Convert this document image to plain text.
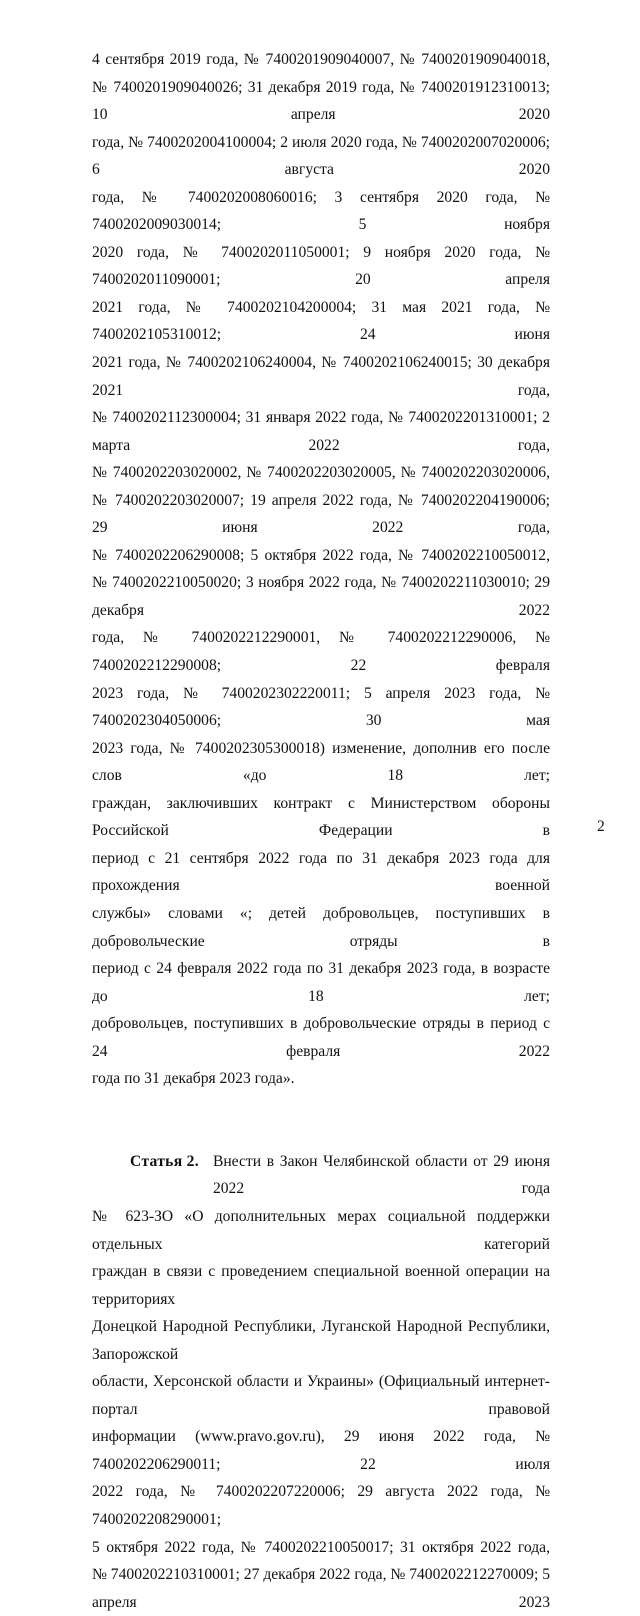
4 сентября 2019 года, № 7400201909040007, № 7400201909040018,
№ 7400201909040026; 31 декабря 2019 года, № 7400201912310013; 10 апреля 2020
года, № 7400202004100004; 2 июля 2020 года, № 7400202007020006; 6 августа 2020
года, № 7400202008060016; 3 сентября 2020 года, № 7400202009030014; 5 ноября
2020 года, № 7400202011050001; 9 ноября 2020 года, № 7400202011090001; 20 апреля
2021 года, № 7400202104200004; 31 мая 2021 года, № 7400202105310012; 24 июня
2021 года, № 7400202106240004, № 7400202106240015; 30 декабря 2021 года,
№ 7400202112300004; 31 января 2022 года, № 7400202201310001; 2 марта 2022 года,
№ 7400202203020002, № 7400202203020005, № 7400202203020006,
№ 7400202203020007; 19 апреля 2022 года, № 7400202204190006; 29 июня 2022 года,
№ 7400202206290008; 5 октября 2022 года, № 7400202210050012,
№ 7400202210050020; 3 ноября 2022 года, № 7400202211030010; 29 декабря 2022
года, № 7400202212290001, № 7400202212290006, № 7400202212290008; 22 февраля
2023 года, № 7400202302220011; 5 апреля 2023 года, № 7400202304050006; 30 мая
2023 года, № 7400202305300018) изменение, дополнив его после слов «до 18 лет;
граждан, заключивших контракт с Министерством обороны Российской Федерации в
период с 21 сентября 2022 года по 31 декабря 2023 года для прохождения военной
службы» словами «; детей добровольцев, поступивших в добровольческие отряды в
период с 24 февраля 2022 года по 31 декабря 2023 года, в возрасте до 18 лет;
добровольцев, поступивших в добровольческие отряды в период с 24 февраля 2022
года по 31 декабря 2023 года».
Статья 2. Внести в Закон Челябинской области от 29 июня 2022 года
№ 623-ЗО «О дополнительных мерах социальной поддержки отдельных категорий
граждан в связи с проведением специальной военной операции на территориях
Донецкой Народной Республики, Луганской Народной Республики, Запорожской
области, Херсонской области и Украины» (Официальный интернет-портал правовой
информации (www.pravo.gov.ru), 29 июня 2022 года, № 7400202206290011; 22 июля
2022 года, № 7400202207220006; 29 августа 2022 года, № 7400202208290001;
5 октября 2022 года, № 7400202210050017; 31 октября 2022 года,
№ 7400202210310001; 27 декабря 2022 года, № 7400202212270009; 5 апреля 2023
2
